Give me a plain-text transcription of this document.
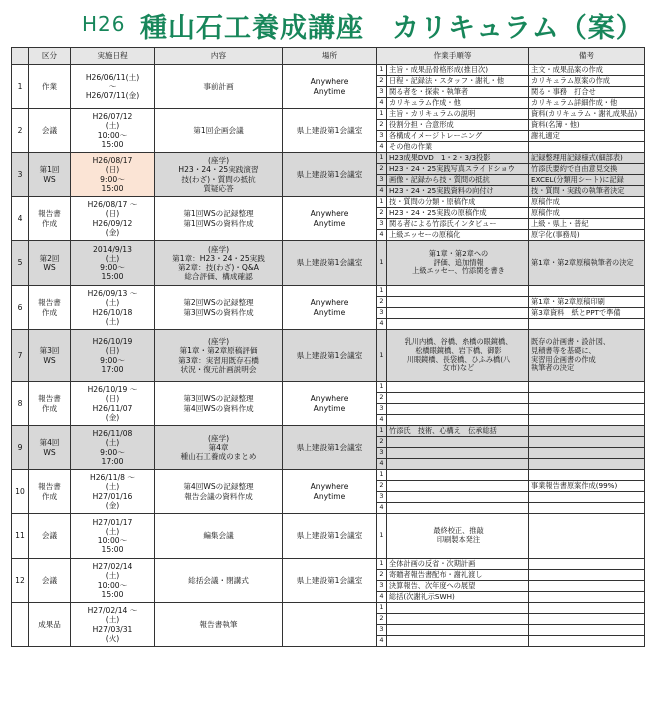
H26 種山石工養成講座　カリキュラム（案）
	区分	実施日程	内容	場所	作業手順等		備考

1	作業	H26/06/11(土)
～
H26/07/11(金)	事前計画	Anywhere
Anytime	1	主旨・成果品骨格形成(推目次)	主文・成果品案の作成

					2	日程・記録法・スタッフ・謝礼・他	カリキュラム原案の作成

					3	関る者を・探索・執筆者	関る・事務　打合せ

					4	カリキュラム作成・他	カリキュラム詳細作成・他

2	会議	H26/07/12
(土)
10:00～
15:00	第1回企画会議	県上建設第1会議室	1	主旨・カリキュラムの説明	資料(カリキュラム・謝礼成果品)

					2	役割分担・合意形成	資料(名簿・他)

					3	各構成イメージトレーニング	謝礼適定

					4	その他の作業	

3	第1回
WS	H26/08/17
(日)
9:00～
15:00	(座学)
H23・24・25実践演習
技(わざ)・質問の抵抗
質疑応答	県上建設第1会議室	1	H23成果DVD　1・2・3/3投影	記録整理用記録様式(細部表)

					2	H23・24・25実践写真スライドショウ	竹添氏要約で自由意見交換

					3	画像・記録から技・質問の抵抗	EXCEL(分類用シート)に記録

					4	H23・24・25実践資料の向付け	技・質問・実践の執筆者決定

4	報告書
作成	H26/08/17 ～
(日)
H26/09/12
(金)	第1回WSの記録整理
第1回WSの資料作成	Anywhere
Anytime	1	技・質問の分類・原稿作成	原稿作成

					2	H23・24・25実践の原稿作成	原稿作成

					3	関る者による竹添氏インタビュー	上級・県上・普紀

					4	上級エッセーの原稿化	原字化(事務局)

5	第2回
WS	2014/9/13
(土)
9:00～
15:00	(座学)
第1章：H23・24・25実践
第2章：技(わざ)・Q&A
総合評価、構成確認	県上建設第1会議室	1	第1章・第2章への
評価、追加情報
上級エッセー、竹添関を書き	第1章・第2章原稿執筆者の決定

6	報告書
作成	H26/09/13 ～
(土)
H26/10/18
(土)	第2回WSの記録整理
第3回WSの資料作成	Anywhere
Anytime	1	

					2		第1章・第2章原稿印刷

					3		第3章資料　紙とPPTで準備

					4	

7	第3回
WS	H26/10/19
(日)
9:00～
17:00	(座学)
第1章・第2章原稿評価
第3章：実習用既存石橋
状況・復元計画説明会	県上建設第1会議室	1	乳川内橋、谷橋、糸橋の眼鏡橋、
松橋眼鏡橋、岩下橋、御影
川眼鏡橋、長袋橋、ひふみ橋(八
女市)など	既存の計画書・設計図、
見積書等を基礎に、
実習用企画書の作成
執筆者の決定

8	報告書
作成	H26/10/19 ～
(日)
H26/11/07
(金)	第3回WSの記録整理
第4回WSの資料作成	Anywhere
Anytime	1	

					2	

					3	

					4	

9	第4回
WS	H26/11/08
(土)
9:00～
17:00	(座学)
第4章
種山石工養成のまとめ	県上建設第1会議室	1	竹添氏　技術、心構え　伝承総括	

					2	

					3	

					4	

10	報告書
作成	H26/11/8 ～
(土)
H27/01/16
(金)	第4回WSの記録整理
報告会議の資料作成	Anywhere
Anytime	1	

					2		事業報告書原案作成(99%)

					3	

					4	

11	会議	H27/01/17
(土)
10:00～
15:00	編集会議	県上建設第1会議室	1	最終校正、推敲
印刷製本発注	

12	会議	H27/02/14
(土)
10:00～
15:00	総括会議・閉講式	県上建設第1会議室	1	全体計画の反省・次期計画	

					2	寄贈者報告書配布・謝礼渡し	

					3	決算報告、次年度への展望	

					4	総括(次謝礼示SWH)	

	成果品	H27/02/14 ～
(土)
H27/03/31
(火)	報告書執筆		1	

					2	

					3	

					4	
